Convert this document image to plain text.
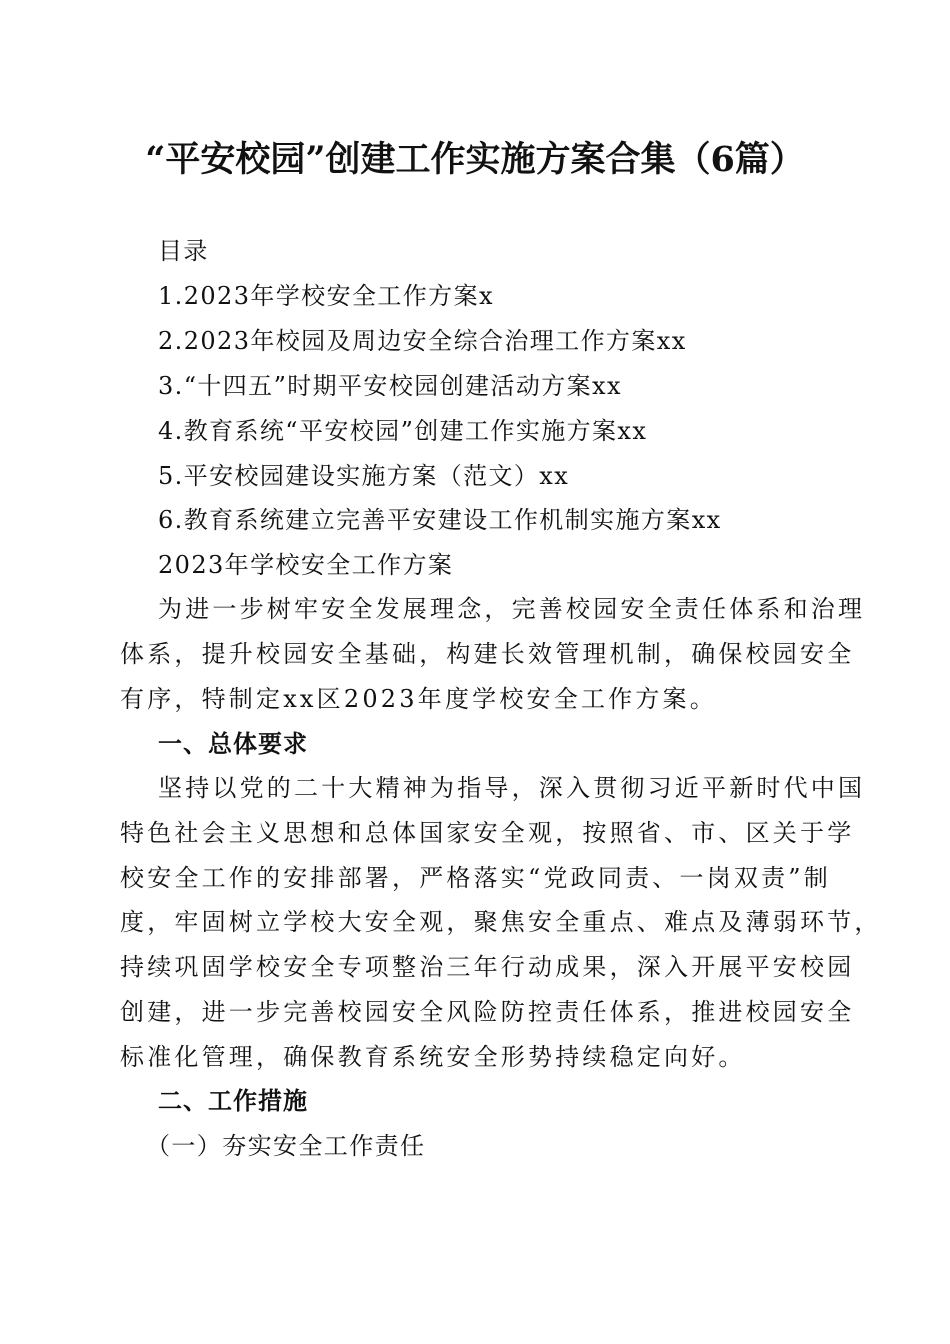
“平安校园”创建工作实施方案合集（6篇）
目录
1.2023年学校安全工作方案x
2.2023年校园及周边安全综合治理工作方案xx
3.“十四五”时期平安校园创建活动方案xx
4.教育系统“平安校园”创建工作实施方案xx
5.平安校园建设实施方案（范文）xx
6.教育系统建立完善平安建设工作机制实施方案xx
2023年学校安全工作方案
为进一步树牢安全发展理念，完善校园安全责任体系和治理
体系，提升校园安全基础，构建长效管理机制，确保校园安全
有序，特制定xx区2023年度学校安全工作方案。
一、总体要求
坚持以党的二十大精神为指导，深入贯彻习近平新时代中国
特色社会主义思想和总体国家安全观，按照省、市、区关于学
校安全工作的安排部署，严格落实“党政同责、一岗双责”制
度，牢固树立学校大安全观，聚焦安全重点、难点及薄弱环节，
持续巩固学校安全专项整治三年行动成果，深入开展平安校园
创建，进一步完善校园安全风险防控责任体系，推进校园安全
标准化管理，确保教育系统安全形势持续稳定向好。
二、工作措施
（一）夯实安全工作责任
